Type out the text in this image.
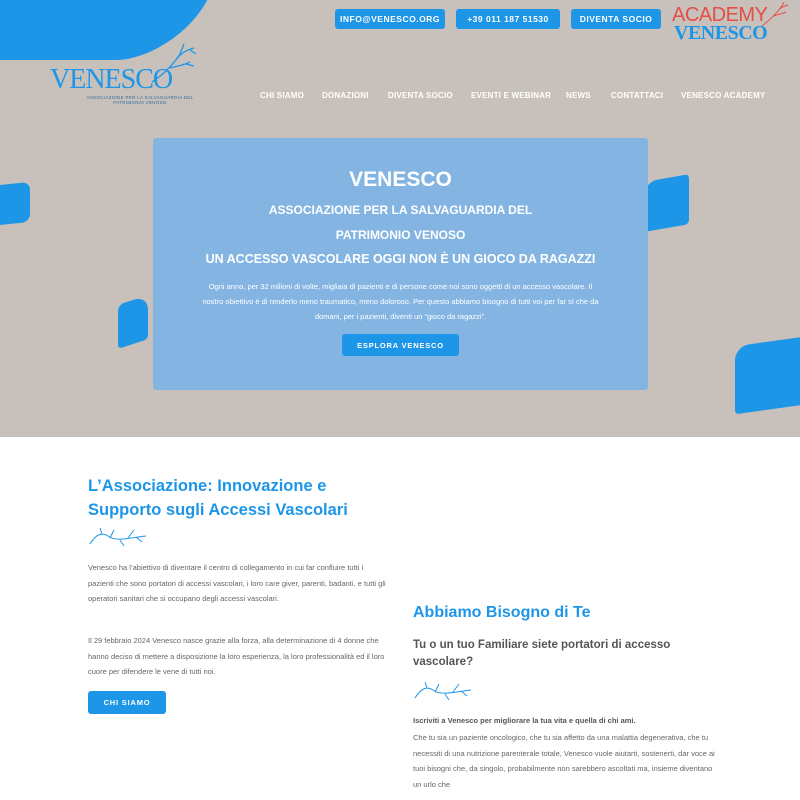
INFO@VENESCO.ORG	+39 011 187 51530	DIVENTA SOCIO ACADEMY
VENESCO
VENESCO
ASSOCIAZIONE PER LA SALVAGUARDIA DEL PATRIMONIO VENOSO
CHI SIAMO DONAZIONI DIVENTA SOCIO EVENTI E WEBINAR NEWS	CONTATTACI VENESCO ACADEMY
VENESCO
ASSOCIAZIONE PER LA SALVAGUARDIA DEL PATRIMONIO VENOSO
UN ACCESSO VASCOLARE OGGI NON È UN GIOCO DA RAGAZZI
Ogni anno, per 32 milioni di volte, migliaia di pazienti e di persone come noi sono oggetti di un accesso vascolare. Il nostro obiettivo è di renderlo meno traumatico, meno doloroso. Per questo abbiamo bisogno di tutti voi per far sì che da domani, per i pazienti, diventi un “gioco da ragazzi”.
ESPLORA VENESCO
L’Associazione: Innovazione e Supporto sugli Accessi Vascolari

Venesco ha l’abiettivo di diventare il centro di collegamento in cui far confluire tutti i pazienti che sono portatori di accessi vascolari, i loro care giver, parenti, badanti, e tutti gli operatori sanitari che si occupano degli accessi vascolari.

Il 29 febbraio 2024 Venesco nasce grazie alla forza, alla determinazione di 4 donne che hanno deciso di mettere a disposizione la loro esperienza, la loro professionalità ed il loro cuore per difendere le vene di tutti noi.

CHI SIAMO
Abbiamo Bisogno di Te
Tu o un tuo Familiare siete portatori di accesso vascolare?

Iscriviti a Venesco per migliorare la tua vita e quella di chi ami.

Che tu sia un paziente oncologico, che tu sia affetto da una malattia degenerativa, che tu necessiti di una nutrizione parenterale totale, Venesco vuole aiutarti, sostenerti, dar voce ai tuoi bisogni che, da singolo, probabilmente non sarebbero ascoltati ma, insieme diventano un urlo che
